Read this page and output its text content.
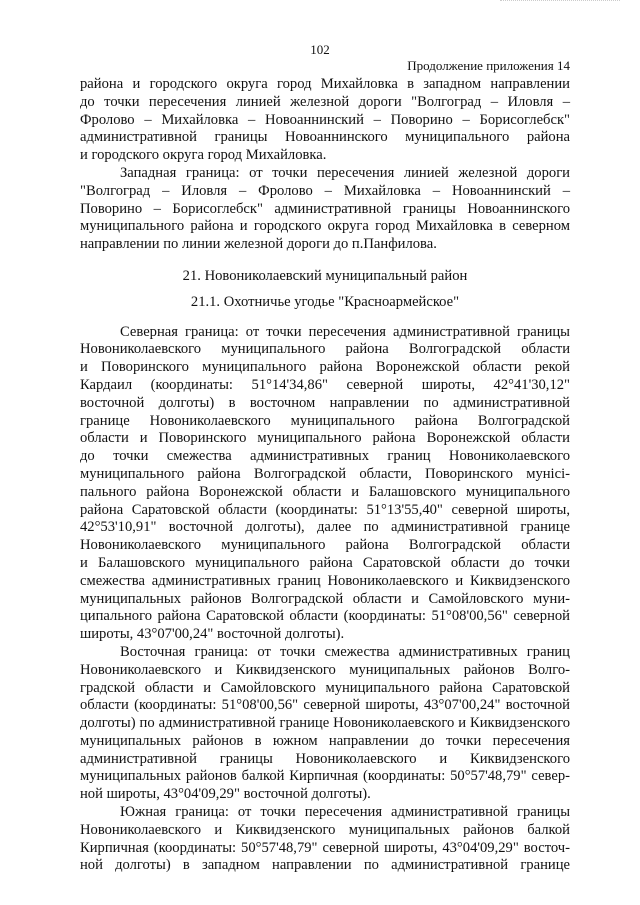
102
Продолжение приложения 14

района и городского округа город Михайловка в западном направлении
до точки пересечения линией железной дороги "Волгоград – Иловля –
Фролово – Михайловка – Новоаннинский – Поворино – Борисоглебск"
административной границы Новоаннинского муниципального района
и городского округа город Михайловка.

Западная граница: от точки пересечения линией железной дороги
"Волгоград – Иловля – Фролово – Михайловка – Новоаннинский –
Поворино – Борисоглебск" административной границы Новоаннинского
муниципального района и городского округа город Михайловка в северном
направлении по линии железной дороги до п.Панфилова.

21. Новониколаевский муниципальный район

21.1. Охотничье угодье "Красноармейское"

Северная граница: от точки пересечения административной границы
Новониколаевского муниципального района Волгоградской области
и Поворинского муниципального района Воронежской области рекой
Кардаил (координаты: 51°14'34,86" северной широты, 42°41'30,12"
восточной долготы) в восточном направлении по административной
границе Новониколаевского муниципального района Волгоградской
области и Поворинского муниципального района Воронежской области
до точки смежества административных границ Новониколаевского
муниципального района Волгоградской области, Поворинского мунici-
пального района Воронежской области и Балашовского муниципального
района Саратовской области (координаты: 51°13'55,40" северной широты,
42°53'10,91" восточной долготы), далее по административной границе
Новониколаевского муниципального района Волгоградской области
и Балашовского муниципального района Саратовской области до точки
смежества административных границ Новониколаевского и Киквидзенского
муниципальных районов Волгоградской области и Самойловского муни-
ципального района Саратовской области (координаты: 51°08'00,56" северной
широты, 43°07'00,24" восточной долготы).

Восточная граница: от точки смежества административных границ
Новониколаевского и Киквидзенского муниципальных районов Волго-
градской области и Самойловского муниципального района Саратовской
области (координаты: 51°08'00,56" северной широты, 43°07'00,24" восточной
долготы) по административной границе Новониколаевского и Киквидзенского
муниципальных районов в южном направлении до точки пересечения
административной границы Новониколаевского и Киквидзенского
муниципальных районов балкой Кирпичная (координаты: 50°57'48,79" север-
ной широты, 43°04'09,29" восточной долготы).

Южная граница: от точки пересечения административной границы
Новониколаевского и Киквидзенского муниципальных районов балкой
Кирпичная (координаты: 50°57'48,79" северной широты, 43°04'09,29" восточ-
ной долготы) в западном направлении по административной границе
